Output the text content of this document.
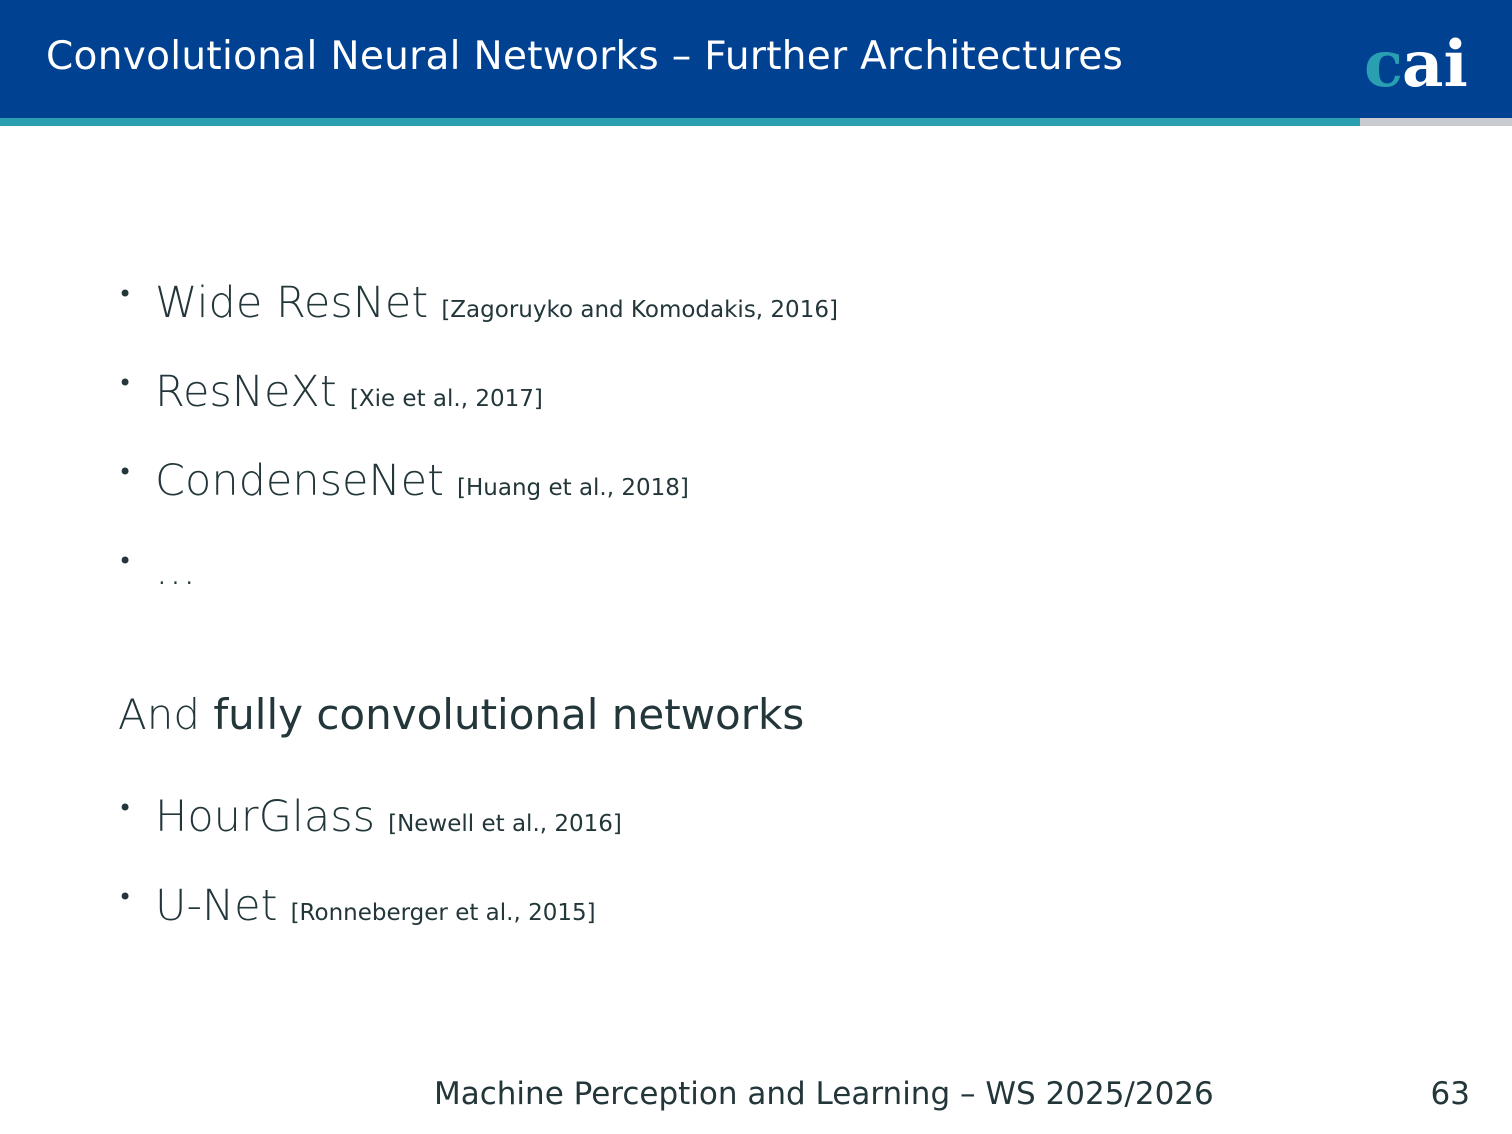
Convolutional Neural Networks – Further Architectures	c ai
• Wide ResNet [Zagoruyko and Komodakis, 2016]
• ResNeXt [Xie et al., 2017]
• CondenseNet [Huang et al., 2018]
• ...
And fully convolutional networks
• HourGlass [Newell et al., 2016]
• U-Net [Ronneberger et al., 2015]
Machine Perception and Learning – WS 2025/2026	63
